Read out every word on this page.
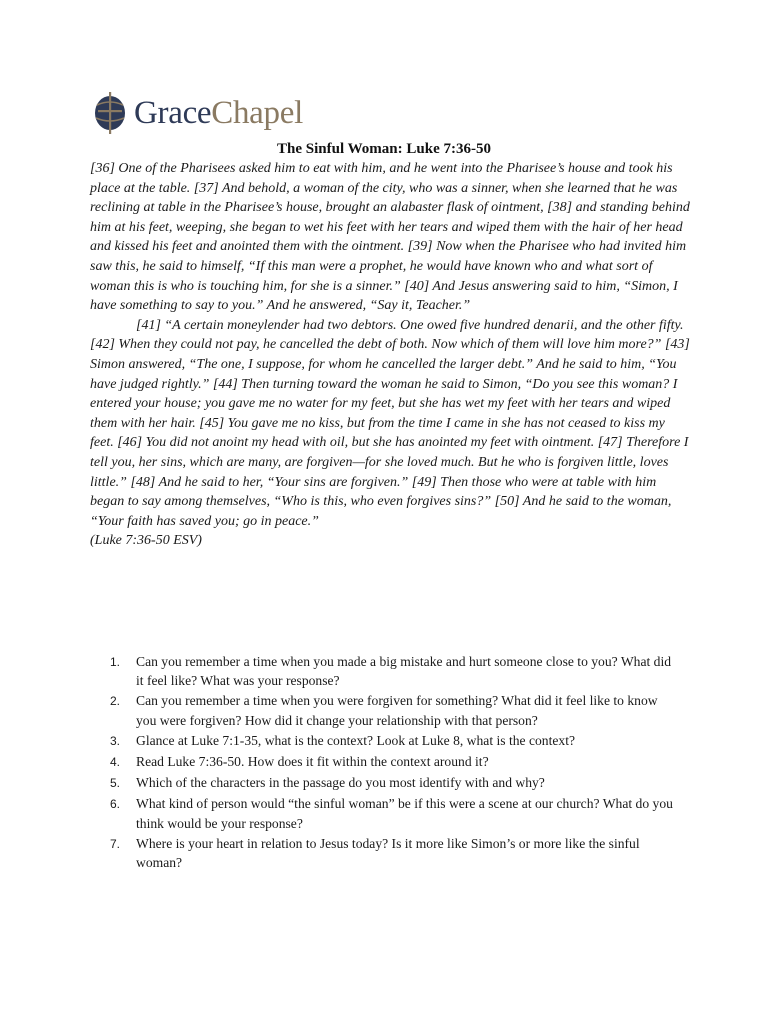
GraceChapel
The Sinful Woman: Luke 7:36-50

[36] One of the Pharisees asked him to eat with him, and he went into the Pharisee’s house and took his place at the table. [37] And behold, a woman of the city, who was a sinner, when she learned that he was reclining at table in the Pharisee’s house, brought an alabaster flask of ointment, [38] and standing behind him at his feet, weeping, she began to wet his feet with her tears and wiped them with the hair of her head and kissed his feet and anointed them with the ointment. [39] Now when the Pharisee who had invited him saw this, he said to himself, “If this man were a prophet, he would have known who and what sort of woman this is who is touching him, for she is a sinner.” [40] And Jesus answering said to him, “Simon, I have something to say to you.” And he answered, “Say it, Teacher.”

[41] “A certain moneylender had two debtors. One owed five hundred denarii, and the other fifty. [42] When they could not pay, he cancelled the debt of both. Now which of them will love him more?” [43] Simon answered, “The one, I suppose, for whom he cancelled the larger debt.” And he said to him, “You have judged rightly.” [44] Then turning toward the woman he said to Simon, “Do you see this woman? I entered your house; you gave me no water for my feet, but she has wet my feet with her tears and wiped them with her hair. [45] You gave me no kiss, but from the time I came in she has not ceased to kiss my feet. [46] You did not anoint my head with oil, but she has anointed my feet with ointment. [47] Therefore I tell you, her sins, which are many, are forgiven—for she loved much. But he who is forgiven little, loves little.” [48] And he said to her, “Your sins are forgiven.” [49] Then those who were at table with him began to say among themselves, “Who is this, who even forgives sins?” [50] And he said to the woman, “Your faith has saved you; go in peace.”

(Luke 7:36-50 ESV)

1.	Can you remember a time when you made a big mistake and hurt someone close to you? What did it feel like? What was your response?
2.	Can you remember a time when you were forgiven for something? What did it feel like to know you were forgiven? How did it change your relationship with that person?
3.	Glance at Luke 7:1-35, what is the context? Look at Luke 8, what is the context?
4.	Read Luke 7:36-50. How does it fit within the context around it?
5.	Which of the characters in the passage do you most identify with and why?
6.	What kind of person would “the sinful woman” be if this were a scene at our church? What do you think would be your response?
7.	Where is your heart in relation to Jesus today? Is it more like Simon’s or more like the sinful woman?
